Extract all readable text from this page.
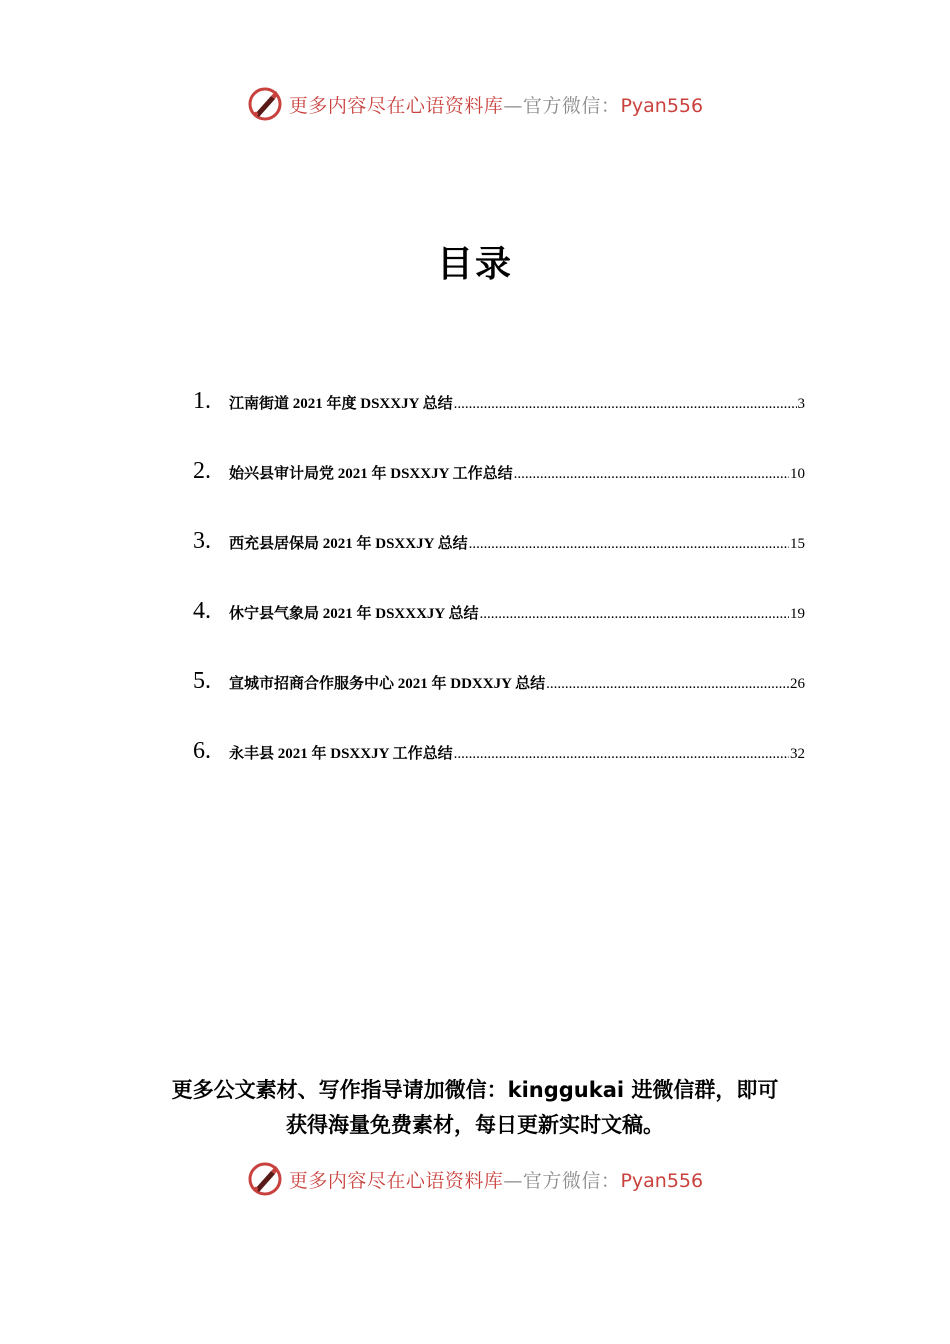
更多内容尽在心语资料库—官方微信：Pyan556
目录
1.	江南街道 2021 年度 DSXXJY 总结 .....	3
2.	始兴县审计局党 2021 年 DSXXJY 工作总结 .....	10
3.	西充县居保局 2021 年 DSXXJY 总结 .....	15
4.	休宁县气象局 2021 年 DSXXXJY 总结 .....	19
5.	宣城市招商合作服务中心 2021 年 DDXXJY 总结 .....	26
6.	永丰县 2021 年 DSXXJY 工作总结 .....	32
更多公文素材、写作指导请加微信：kinggukai 进微信群，即可
获得海量免费素材，每日更新实时文稿。
更多内容尽在心语资料库—官方微信：Pyan556
